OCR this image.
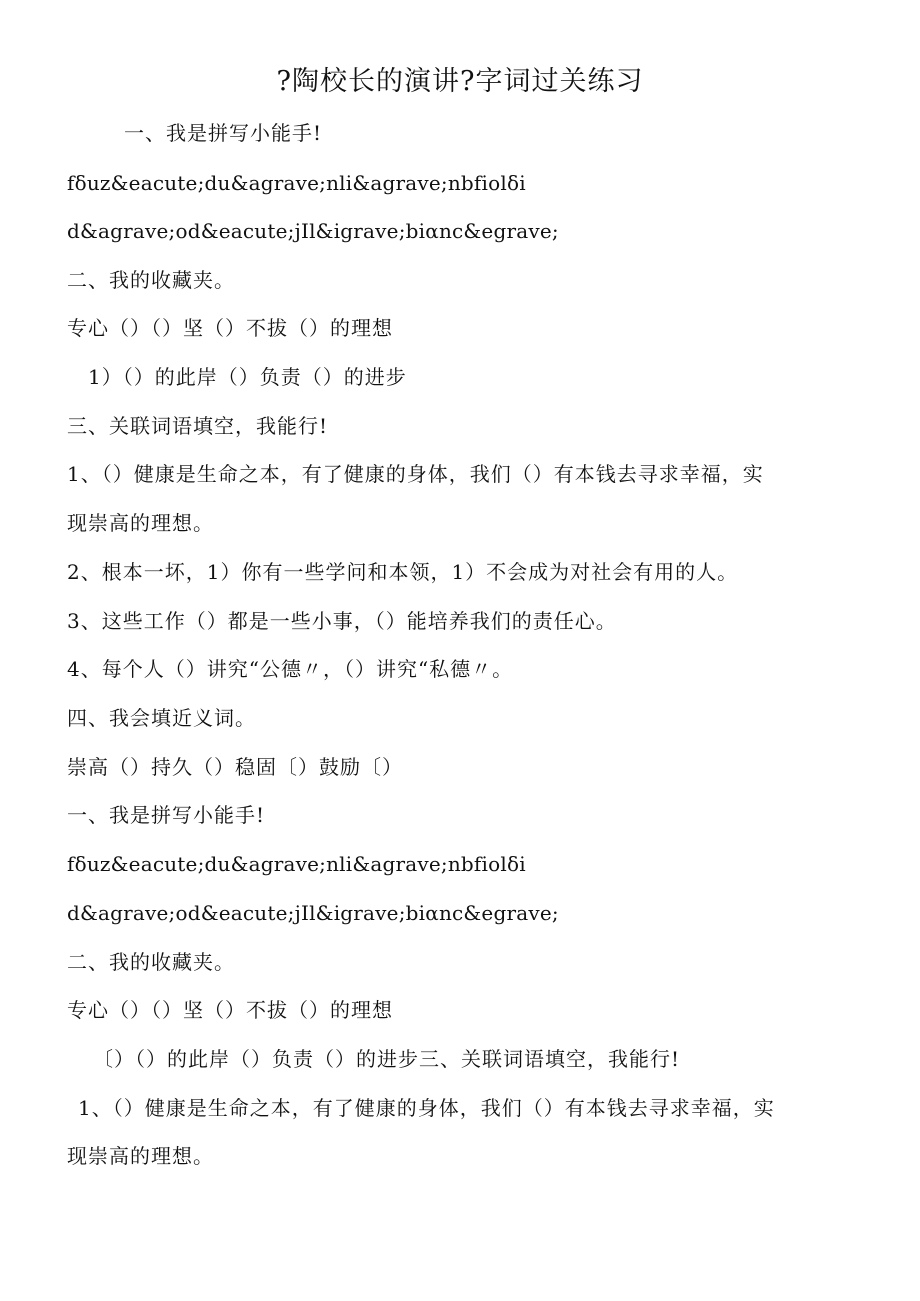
?陶校长的演讲?字词过关练习
一、我是拼写小能手!
fδuz&eacute;du&agrave;nli&agrave;nbfiolδi
d&agrave;od&eacute;jIl&igrave;biαnc&egrave;
二、我的收藏夹。
专心（）（）坚（）不拔（）的理想
1）（）的此岸（）负责（）的进步
三、关联词语填空，我能行!
1、（）健康是生命之本，有了健康的身体，我们（）有本钱去寻求幸福，实
现崇高的理想。
2、根本一坏，1）你有一些学问和本领，1）不会成为对社会有用的人。
3、这些工作（）都是一些小事，（）能培养我们的责任心。
4、每个人（）讲究“公德〃，（）讲究“私德〃。
四、我会填近义词。
崇高（）持久（）稳固〔）鼓励〔）
一、我是拼写小能手!
fδuz&eacute;du&agrave;nli&agrave;nbfiolδi
d&agrave;od&eacute;jIl&igrave;biαnc&egrave;
二、我的收藏夹。
专心（）（）坚（）不拔（）的理想
〔）（）的此岸（）负责（）的进步三、关联词语填空，我能行!
1、（）健康是生命之本，有了健康的身体，我们（）有本钱去寻求幸福，实
现崇高的理想。
